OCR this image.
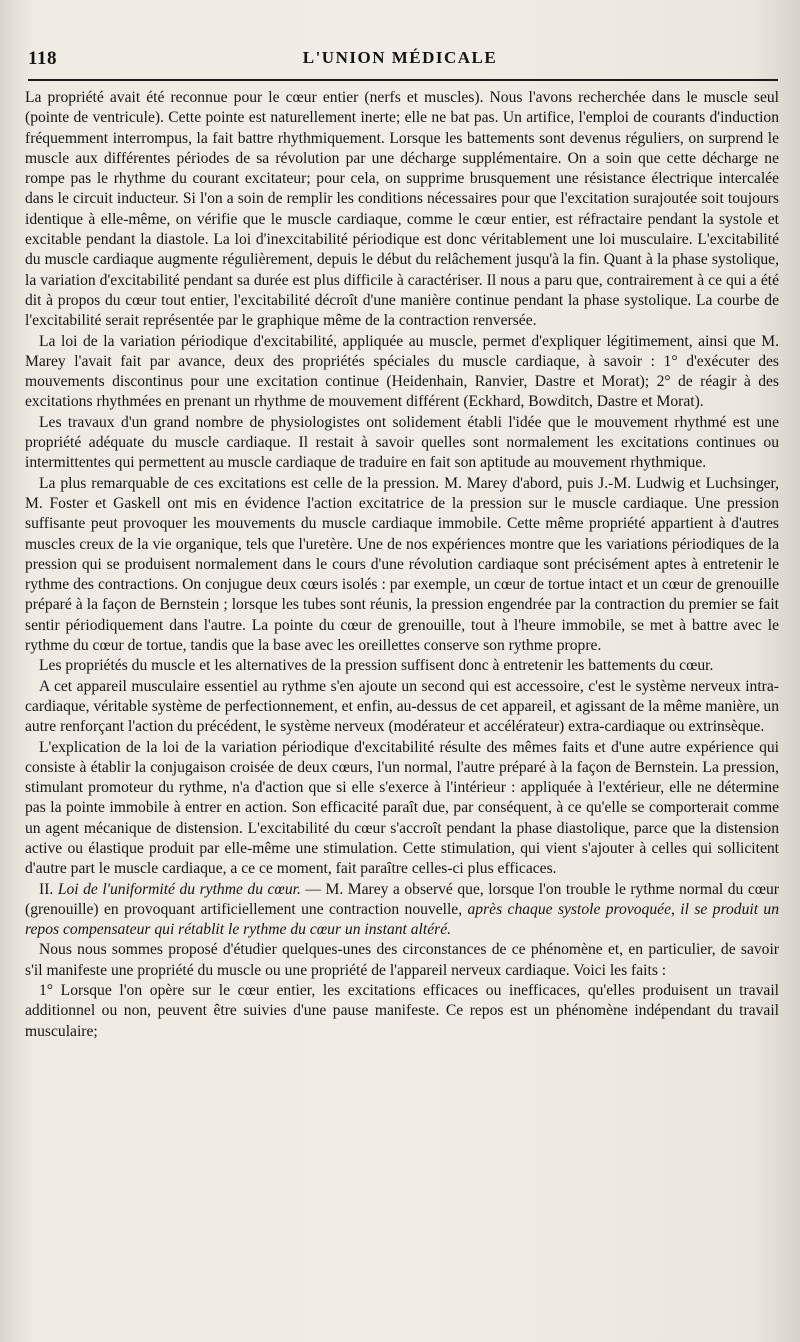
118	L'UNION MÉDICALE

La propriété avait été reconnue pour le cœur entier (nerfs et muscles). Nous l'avons recherchée dans le muscle seul (pointe de ventricule). Cette pointe est naturellement inerte; elle ne bat pas. Un artifice, l'emploi de courants d'induction fréquemment interrompus, la fait battre rhythmiquement. Lorsque les battements sont devenus réguliers, on surprend le muscle aux différentes périodes de sa révolution par une décharge supplémentaire. On a soin que cette décharge ne rompe pas le rhythme du courant excitateur; pour cela, on supprime brusquement une résistance électrique intercalée dans le circuit inducteur. Si l'on a soin de remplir les conditions nécessaires pour que l'excitation surajoutée soit toujours identique à elle-même, on vérifie que le muscle cardiaque, comme le cœur entier, est réfractaire pendant la systole et excitable pendant la diastole. La loi d'inexcitabilité périodique est donc véritablement une loi musculaire. L'excitabilité du muscle cardiaque augmente régulièrement, depuis le début du relâchement jusqu'à la fin. Quant à la phase systolique, la variation d'excitabilité pendant sa durée est plus difficile à caractériser. Il nous a paru que, contrairement à ce qui a été dit à propos du cœur tout entier, l'excitabilité décroît d'une manière continue pendant la phase systolique. La courbe de l'excitabilité serait représentée par le graphique même de la contraction renversée.

La loi de la variation périodique d'excitabilité, appliquée au muscle, permet d'expliquer légitimement, ainsi que M. Marey l'avait fait par avance, deux des propriétés spéciales du muscle cardiaque, à savoir : 1° d'exécuter des mouvements discontinus pour une excitation continue (Heidenhain, Ranvier, Dastre et Morat); 2° de réagir à des excitations rhythmées en prenant un rhythme de mouvement différent (Eckhard, Bowditch, Dastre et Morat).

Les travaux d'un grand nombre de physiologistes ont solidement établi l'idée que le mouvement rhythmé est une propriété adéquate du muscle cardiaque. Il restait à savoir quelles sont normalement les excitations continues ou intermittentes qui permettent au muscle cardiaque de traduire en fait son aptitude au mouvement rhythmique.

La plus remarquable de ces excitations est celle de la pression. M. Marey d'abord, puis J.-M. Ludwig et Luchsinger, M. Foster et Gaskell ont mis en évidence l'action excitatrice de la pression sur le muscle cardiaque. Une pression suffisante peut provoquer les mouvements du muscle cardiaque immobile. Cette même propriété appartient à d'autres muscles creux de la vie organique, tels que l'uretère. Une de nos expériences montre que les variations périodiques de la pression qui se produisent normalement dans le cours d'une révolution cardiaque sont précisément aptes à entretenir le rythme des contractions. On conjugue deux cœurs isolés : par exemple, un cœur de tortue intact et un cœur de grenouille préparé à la façon de Bernstein ; lorsque les tubes sont réunis, la pression engendrée par la contraction du premier se fait sentir périodiquement dans l'autre. La pointe du cœur de grenouille, tout à l'heure immobile, se met à battre avec le rythme du cœur de tortue, tandis que la base avec les oreillettes conserve son rythme propre.

Les propriétés du muscle et les alternatives de la pression suffisent donc à entretenir les battements du cœur.

A cet appareil musculaire essentiel au rythme s'en ajoute un second qui est accessoire, c'est le système nerveux intra-cardiaque, véritable système de perfectionnement, et enfin, au-dessus de cet appareil, et agissant de la même manière, un autre renforçant l'action du précédent, le système nerveux (modérateur et accélérateur) extra-cardiaque ou extrinsèque.

L'explication de la loi de la variation périodique d'excitabilité résulte des mêmes faits et d'une autre expérience qui consiste à établir la conjugaison croisée de deux cœurs, l'un normal, l'autre préparé à la façon de Bernstein. La pression, stimulant promoteur du rythme, n'a d'action que si elle s'exerce à l'intérieur : appliquée à l'extérieur, elle ne détermine pas la pointe immobile à entrer en action. Son efficacité paraît due, par conséquent, à ce qu'elle se comporterait comme un agent mécanique de distension. L'excitabilité du cœur s'accroît pendant la phase diastolique, parce que la distension active ou élastique produit par elle-même une stimulation. Cette stimulation, qui vient s'ajouter à celles qui sollicitent d'autre part le muscle cardiaque, a ce ce moment, fait paraître celles-ci plus efficaces.

II. Loi de l'uniformité du rythme du cœur. — M. Marey a observé que, lorsque l'on trouble le rythme normal du cœur (grenouille) en provoquant artificiellement une contraction nouvelle, après chaque systole provoquée, il se produit un repos compensateur qui rétablit le rythme du cœur un instant altéré.

Nous nous sommes proposé d'étudier quelques-unes des circonstances de ce phénomène et, en particulier, de savoir s'il manifeste une propriété du muscle ou une propriété de l'appareil nerveux cardiaque. Voici les faits :

1° Lorsque l'on opère sur le cœur entier, les excitations efficaces ou inefficaces, qu'elles produisent un travail additionnel ou non, peuvent être suivies d'une pause manifeste. Ce repos est un phénomène indépendant du travail musculaire;
